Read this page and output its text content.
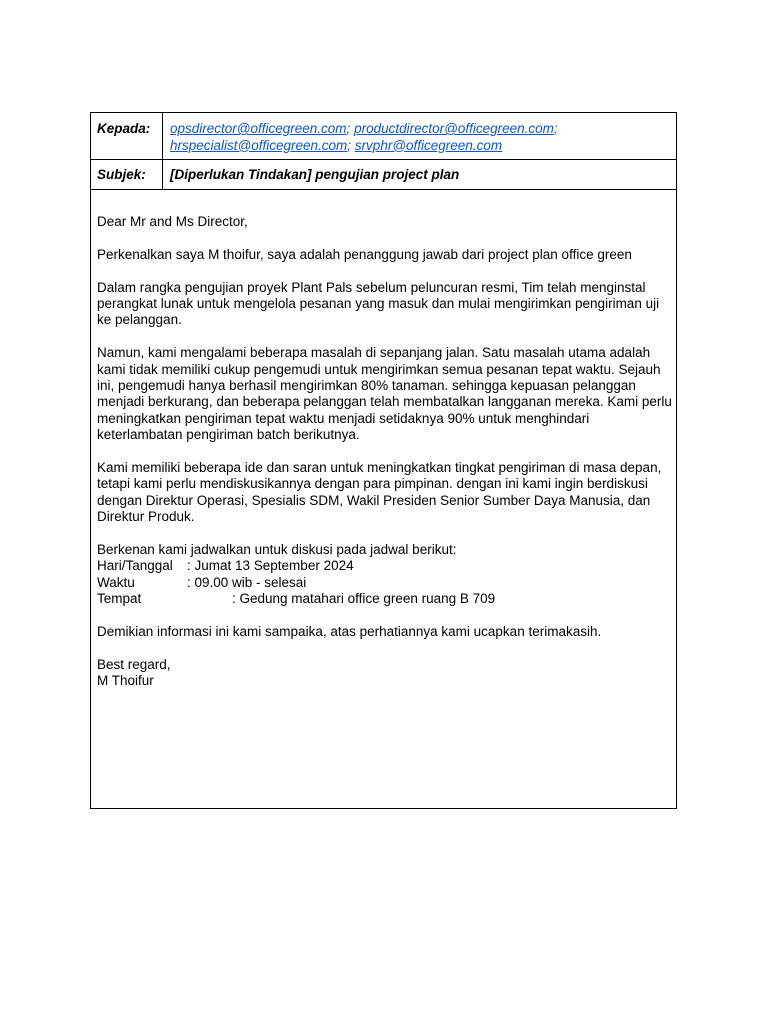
Kepada:	opsdirector@officegreen.com; productdirector@officegreen.com;
hrspecialist@officegreen.com; srvphr@officegreen.com
Subjek:	[Diperlukan Tindakan] pengujian project plan

Dear Mr and Ms Director,

Perkenalkan saya M thoifur, saya adalah penanggung jawab dari project plan office green

Dalam rangka pengujian proyek Plant Pals sebelum peluncuran resmi, Tim telah menginstal perangkat lunak untuk mengelola pesanan yang masuk dan mulai mengirimkan pengiriman uji ke pelanggan.

Namun, kami mengalami beberapa masalah di sepanjang jalan. Satu masalah utama adalah kami tidak memiliki cukup pengemudi untuk mengirimkan semua pesanan tepat waktu. Sejauh ini, pengemudi hanya berhasil mengirimkan 80% tanaman. sehingga kepuasan pelanggan menjadi berkurang, dan beberapa pelanggan telah membatalkan langganan mereka. Kami perlu meningkatkan pengiriman tepat waktu menjadi setidaknya 90% untuk menghindari keterlambatan pengiriman batch berikutnya.

Kami memiliki beberapa ide dan saran untuk meningkatkan tingkat pengiriman di masa depan, tetapi kami perlu mendiskusikannya dengan para pimpinan. dengan ini kami ingin berdiskusi dengan Direktur Operasi, Spesialis SDM, Wakil Presiden Senior Sumber Daya Manusia, dan Direktur Produk.

Berkenan kami jadwalkan untuk diskusi pada jadwal berikut:
Hari/Tanggal : Jumat 13 September 2024
Waktu	: 09.00 wib - selesai
Tempat	: Gedung matahari office green ruang B 709

Demikian informasi ini kami sampaika, atas perhatiannya kami ucapkan terimakasih.

Best regard,
M Thoifur
